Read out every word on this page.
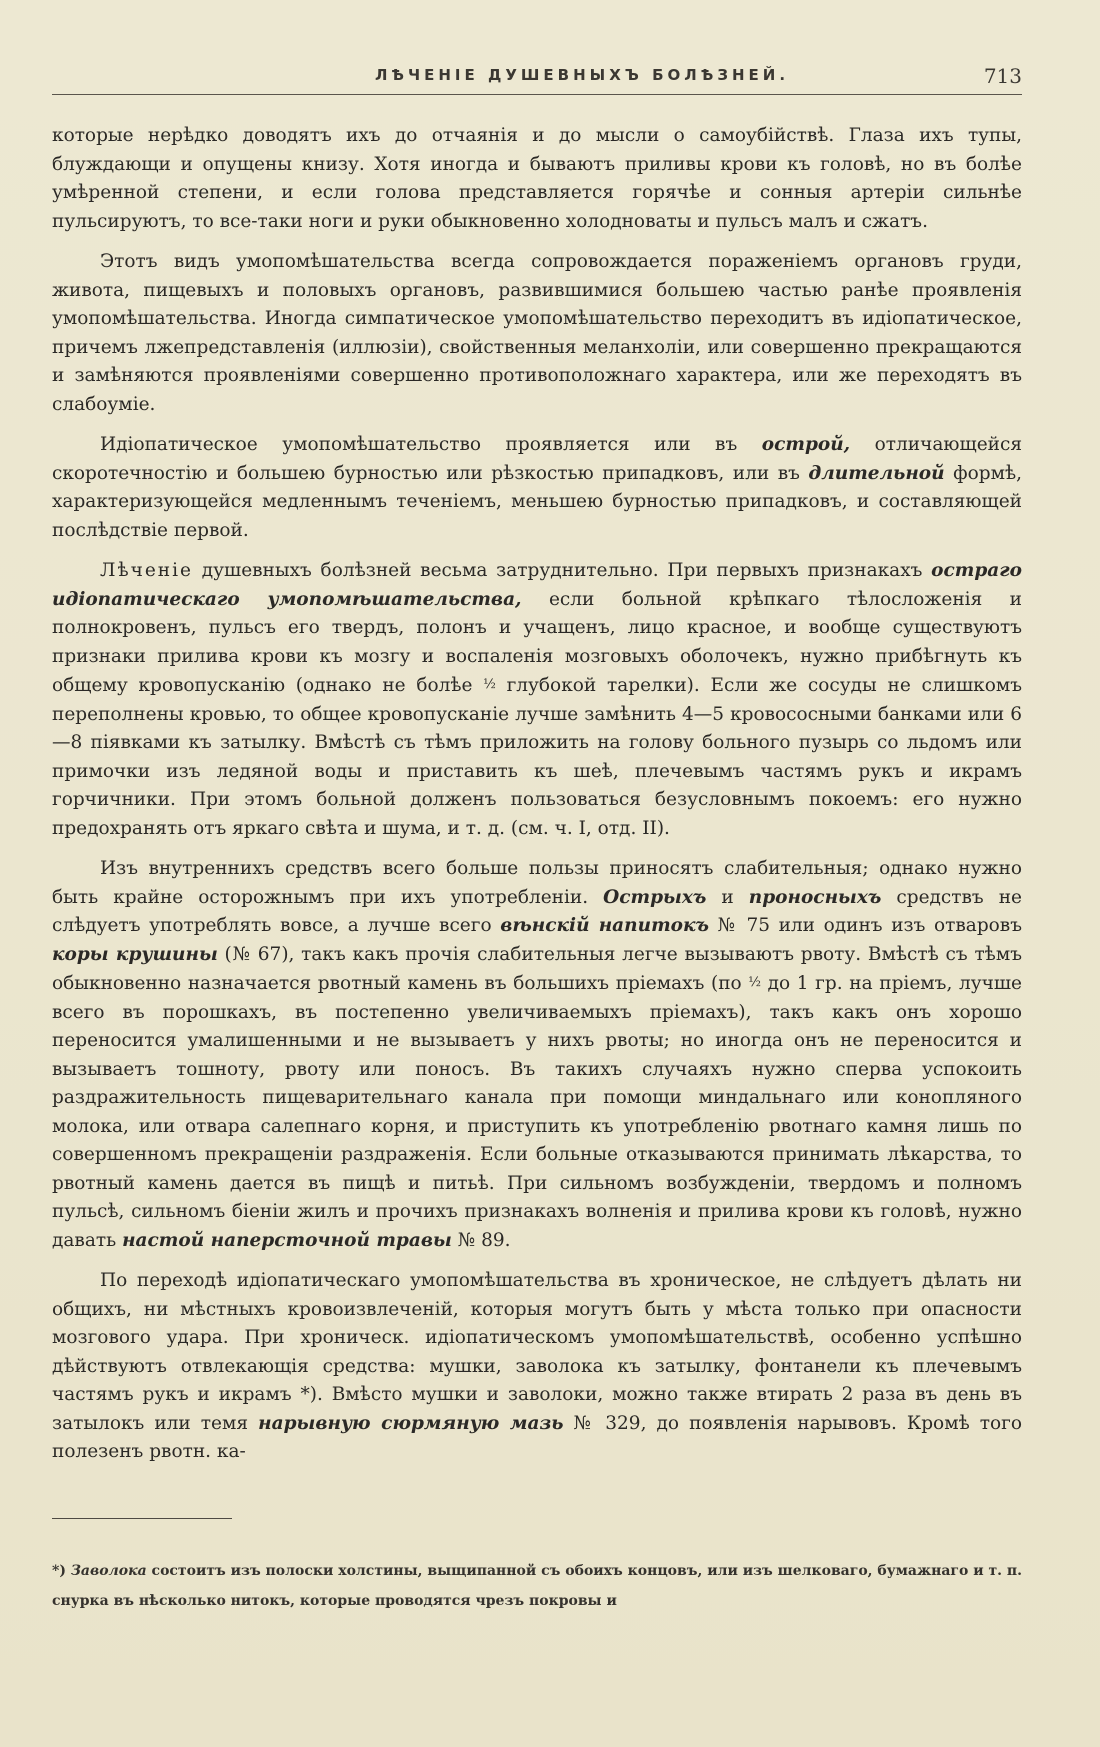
ЛѢЧЕНІЕ ДУШЕВНЫХЪ БОЛѢЗНЕЙ.	713

которые нерѣдко доводятъ ихъ до отчаянія и до мысли о самоубійствѣ. Глаза ихъ тупы, блуждающи и опущены книзу. Хотя иногда и бываютъ приливы крови къ головѣ, но въ болѣе умѣренной степени, и если голова представляется горячѣе и сонныя артеріи сильнѣе пульсируютъ, то все-таки ноги и руки обыкновенно холодноваты и пульсъ малъ и сжатъ.

Этотъ видъ умопомѣшательства всегда сопровождается пораженіемъ органовъ груди, живота, пищевыхъ и половыхъ органовъ, развившимися большею частью ранѣе проявленія умопомѣшательства. Иногда симпатическое умопомѣшательство переходитъ въ идіопатическое, причемъ лжепредставленія (иллюзіи), свойственныя меланхоліи, или совершенно прекращаются и замѣняются проявленіями совершенно противоположнаго характера, или же переходятъ въ слабоуміе.

Идіопатическое умопомѣшательство проявляется или въ острой, отличающейся скоротечностію и большею бурностью или рѣзкостью припадковъ, или въ длительной формѣ, характеризующейся медленнымъ теченіемъ, меньшею бурностью припадковъ, и составляющей послѣдствіе первой.

Лѣченіе душевныхъ болѣзней весьма затруднительно. При первыхъ признакахъ остраго идіопатическаго умопомѣшательства, если больной крѣпкаго тѣлосложенія и полнокровенъ, пульсъ его твердъ, полонъ и учащенъ, лицо красное, и вообще существуютъ признаки прилива крови къ мозгу и воспаленія мозговыхъ оболочекъ, нужно прибѣгнуть къ общему кровопусканію (однако не болѣе ½ глубокой тарелки). Если же сосуды не слишкомъ переполнены кровью, то общее кровопусканіе лучше замѣнить 4—5 кровососными банками или 6—8 піявками къ затылку. Вмѣстѣ съ тѣмъ приложить на голову больного пузырь со льдомъ или примочки изъ ледяной воды и приставить къ шеѣ, плечевымъ частямъ рукъ и икрамъ горчичники. При этомъ больной долженъ пользоваться безусловнымъ покоемъ: его нужно предохранять отъ яркаго свѣта и шума, и т. д. (см. ч. I, отд. II).

Изъ внутреннихъ средствъ всего больше пользы приносятъ слабительныя; однако нужно быть крайне осторожнымъ при ихъ употребленіи. Острыхъ и проносныхъ средствъ не слѣдуетъ употреблять вовсе, а лучше всего вѣнскій напитокъ № 75 или одинъ изъ отваровъ коры крушины (№ 67), такъ какъ прочія слабительныя легче вызываютъ рвоту. Вмѣстѣ съ тѣмъ обыкновенно назначается рвотный камень въ большихъ пріемахъ (по ½ до 1 гр. на пріемъ, лучше всего въ порошкахъ, въ постепенно увеличиваемыхъ пріемахъ), такъ какъ онъ хорошо переносится умалишенными и не вызываетъ у нихъ рвоты; но иногда онъ не переносится и вызываетъ тошноту, рвоту или поносъ. Въ такихъ случаяхъ нужно сперва успокоить раздражительность пищеварительнаго канала при помощи миндальнаго или конопляного молока, или отвара салепнаго корня, и приступить къ употребленію рвотнаго камня лишь по совершенномъ прекращеніи раздраженія. Если больные отказываются принимать лѣкарства, то рвотный камень дается въ пищѣ и питьѣ. При сильномъ возбужденіи, твердомъ и полномъ пульсѣ, сильномъ біеніи жилъ и прочихъ признакахъ волненія и прилива крови къ головѣ, нужно давать настой наперсточной травы № 89.

По переходѣ идіопатическаго умопомѣшательства въ хроническое, не слѣдуетъ дѣлать ни общихъ, ни мѣстныхъ кровоизвлеченій, которыя могутъ быть у мѣста только при опасности мозгового удара. При хроническ. идіопатическомъ умопомѣшательствѣ, особенно успѣшно дѣйствуютъ отвлекающія средства: мушки, заволока къ затылку, фонтанели къ плечевымъ частямъ рукъ и икрамъ *). Вмѣсто мушки и заволоки, можно также втирать 2 раза въ день въ затылокъ или темя нарывную сюрмяную мазь № 329, до появленія нарывовъ. Кромѣ того полезенъ рвотн. ка-

*) Заволока состоитъ изъ полоски холстины, выщипанной съ обоихъ концовъ, или изъ шелковаго, бумажнаго и т. п. снурка въ нѣсколько нитокъ, которые проводятся чрезъ покровы и
